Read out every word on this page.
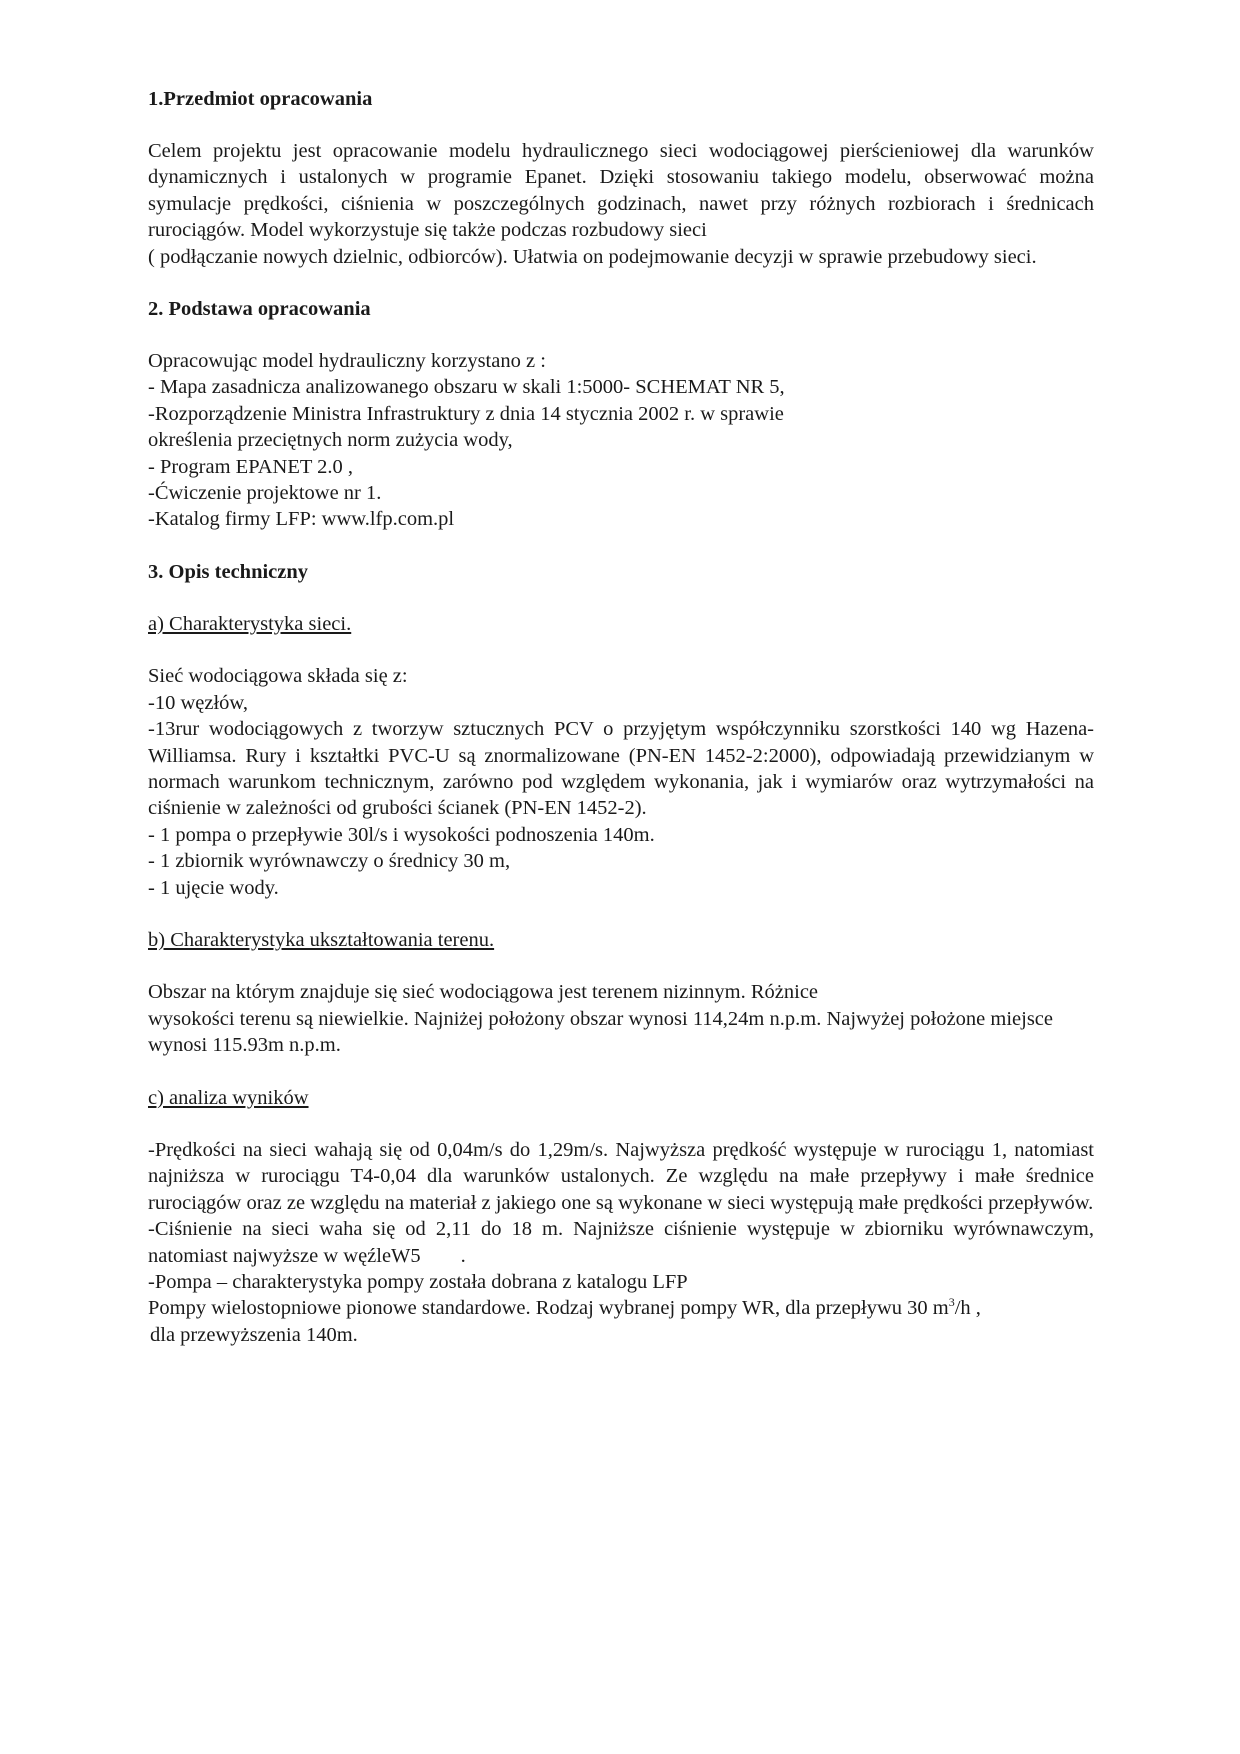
1.Przedmiot opracowania

Celem projektu jest opracowanie modelu hydraulicznego sieci wodociągowej pierścieniowej dla warunków dynamicznych i ustalonych w programie Epanet. Dzięki stosowaniu takiego modelu, obserwować można symulacje prędkości, ciśnienia w poszczególnych godzinach, nawet przy różnych rozbiorach i średnicach rurociągów. Model wykorzystuje się także podczas rozbudowy sieci

( podłączanie nowych dzielnic, odbiorców). Ułatwia on podejmowanie decyzji w sprawie przebudowy sieci.

2. Podstawa opracowania

Opracowując model hydrauliczny korzystano z :

- Mapa zasadnicza analizowanego obszaru w skali 1:5000- SCHEMAT NR 5,

-Rozporządzenie Ministra Infrastruktury z dnia 14 stycznia 2002 r. w sprawie

określenia przeciętnych norm zużycia wody,

- Program EPANET 2.0 ,

-Ćwiczenie projektowe nr 1.

-Katalog firmy LFP: www.lfp.com.pl

3. Opis techniczny

a) Charakterystyka sieci.

Sieć wodociągowa składa się z:

-10 węzłów,

-13rur wodociągowych z tworzyw sztucznych PCV o przyjętym współczynniku szorstkości 140 wg Hazena-Williamsa. Rury i kształtki PVC-U są znormalizowane (PN-EN 1452-2:2000), odpowiadają przewidzianym w normach warunkom technicznym, zarówno pod względem wykonania, jak i wymiarów oraz wytrzymałości na ciśnienie w zależności od grubości ścianek (PN-EN 1452-2).

- 1 pompa o przepływie 30l/s i wysokości podnoszenia 140m.

- 1 zbiornik wyrównawczy o średnicy 30 m,

- 1 ujęcie wody.

b) Charakterystyka ukształtowania terenu.

Obszar na którym znajduje się sieć wodociągowa jest terenem nizinnym. Różnice

wysokości terenu są niewielkie. Najniżej położony obszar wynosi 114,24m n.p.m. Najwyżej położone miejsce wynosi 115.93m n.p.m.

c) analiza wyników

-Prędkości na sieci wahają się od 0,04m/s do 1,29m/s. Najwyższa prędkość występuje w rurociągu 1, natomiast najniższa w rurociągu T4-0,04 dla warunków ustalonych. Ze względu na małe przepływy i małe średnice rurociągów oraz ze względu na materiał z jakiego one są wykonane w sieci występują małe prędkości przepływów.

-Ciśnienie na sieci waha się od 2,11 do 18 m. Najniższe ciśnienie występuje w zbiorniku wyrównawczym, natomiast najwyższe w węźleW5 .

-Pompa – charakterystyka pompy została dobrana z katalogu LFP

Pompy wielostopniowe pionowe standardowe. Rodzaj wybranej pompy WR, dla przepływu 30 $m^3/h$ ,

dla przewyższenia 140m.
